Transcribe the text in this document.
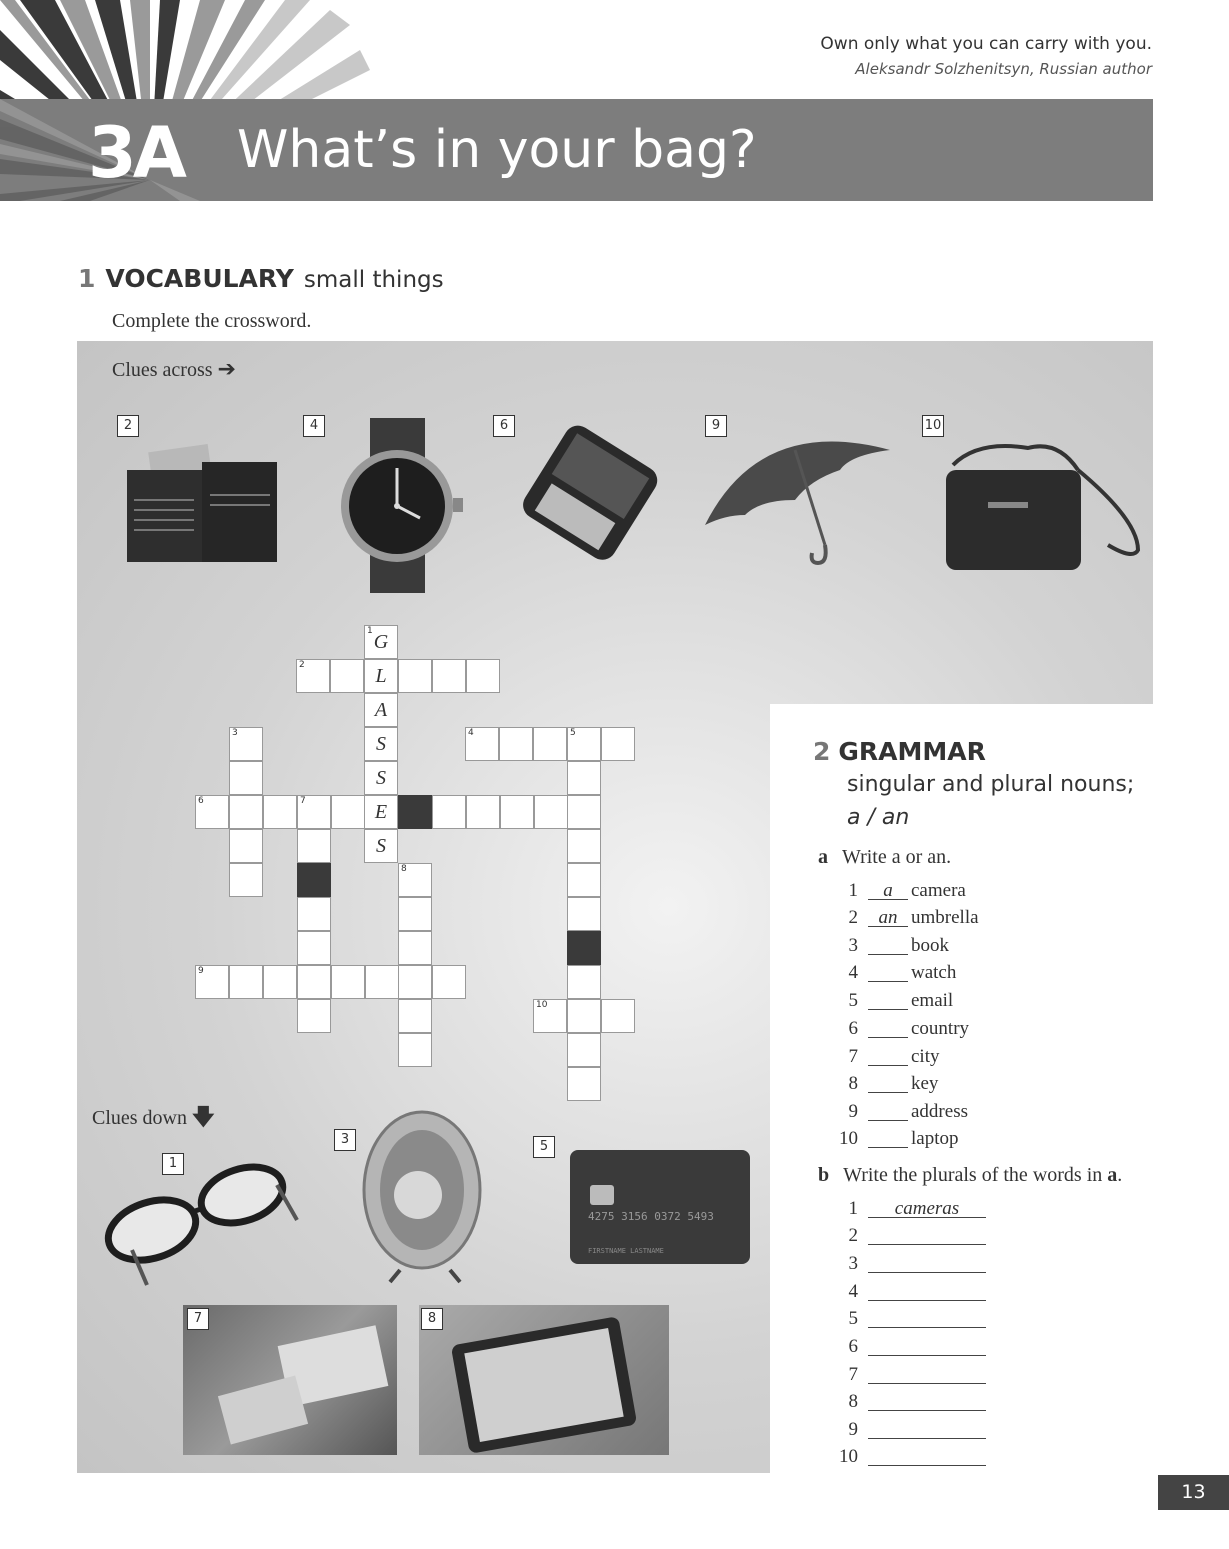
Own only what you can carry with you.
Aleksandr Solzhenitsyn, Russian author
3A What’s in your bag?
1 VOCABULARY small things
Complete the crossword.
Clues across ➔
2	4	6	9	10
1 G
L
A
S
S
E
S
2
3	4	5
6	7
8
9
10
Clues down 🡇
1
3	5
4275 3156 0372 5493
FIRSTNAME LASTNAME
7	8
2 GRAMMAR
singular and plural nouns;
a / an
a Write a or an.
1	a camera
2	an umbrella
3	book
4	watch
5	email
6	country
7	city
8	key
9	address
10	laptop
b Write the plurals of the words in a.
1	cameras
2
3
4
5
6
7
8
9
10
13
